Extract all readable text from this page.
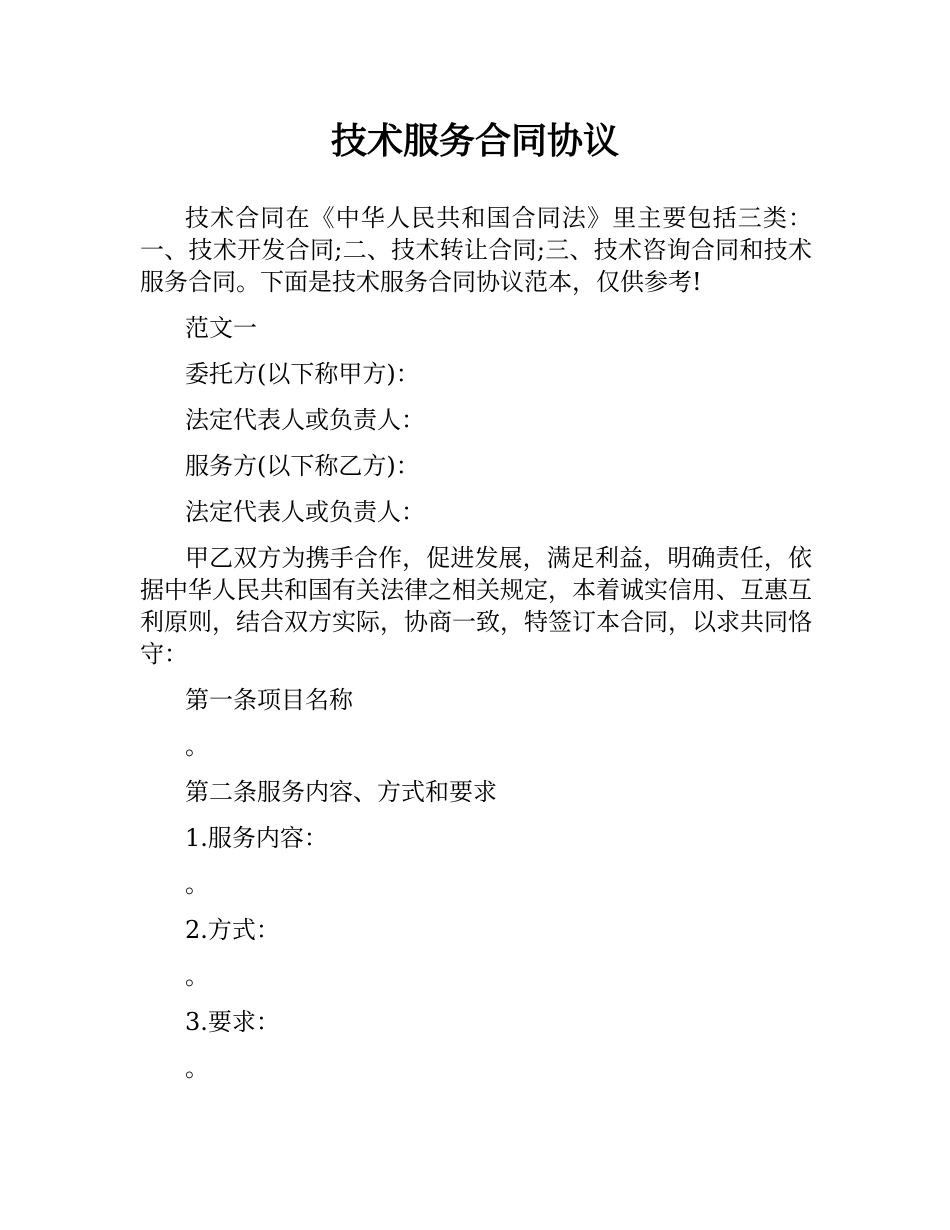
技术服务合同协议

技术合同在《中华人民共和国合同法》里主要包括三类：一、技术开发合同;二、技术转让合同;三、技术咨询合同和技术服务合同。下面是技术服务合同协议范本，仅供参考!

范文一

委托方(以下称甲方)：

法定代表人或负责人：

服务方(以下称乙方)：

法定代表人或负责人：

甲乙双方为携手合作，促进发展，满足利益，明确责任，依据中华人民共和国有关法律之相关规定，本着诚实信用、互惠互利原则，结合双方实际，协商一致，特签订本合同，以求共同恪守：

第一条项目名称

。

第二条服务内容、方式和要求

1.服务内容：

。

2.方式：

。

3.要求：

。
